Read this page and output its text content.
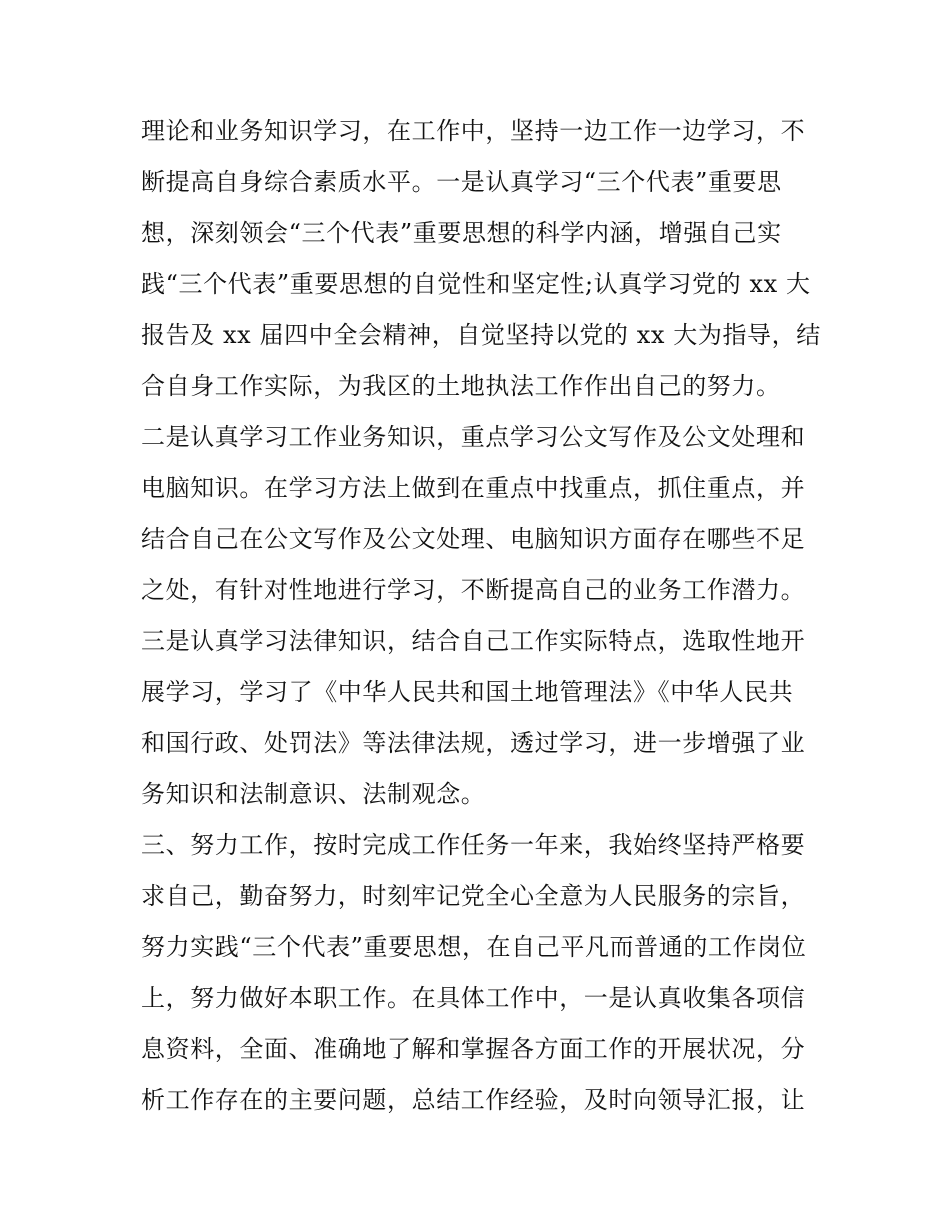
理论和业务知识学习，在工作中，坚持一边工作一边学习，不
断提高自身综合素质水平。一是认真学习“三个代表”重要思
想，深刻领会“三个代表”重要思想的科学内涵，增强自己实
践“三个代表”重要思想的自觉性和坚定性;认真学习党的 xx 大
报告及 xx 届四中全会精神，自觉坚持以党的 xx 大为指导，结
合自身工作实际，为我区的土地执法工作作出自己的努力。
二是认真学习工作业务知识，重点学习公文写作及公文处理和
电脑知识。在学习方法上做到在重点中找重点，抓住重点，并
结合自己在公文写作及公文处理、电脑知识方面存在哪些不足
之处，有针对性地进行学习，不断提高自己的业务工作潜力。
三是认真学习法律知识，结合自己工作实际特点，选取性地开
展学习，学习了《中华人民共和国土地管理法》《中华人民共
和国行政、处罚法》等法律法规，透过学习，进一步增强了业
务知识和法制意识、法制观念。
三、努力工作，按时完成工作任务一年来，我始终坚持严格要
求自己，勤奋努力，时刻牢记党全心全意为人民服务的宗旨，
努力实践“三个代表”重要思想，在自己平凡而普通的工作岗位
上，努力做好本职工作。在具体工作中，一是认真收集各项信
息资料，全面、准确地了解和掌握各方面工作的开展状况，分
析工作存在的主要问题，总结工作经验，及时向领导汇报，让
